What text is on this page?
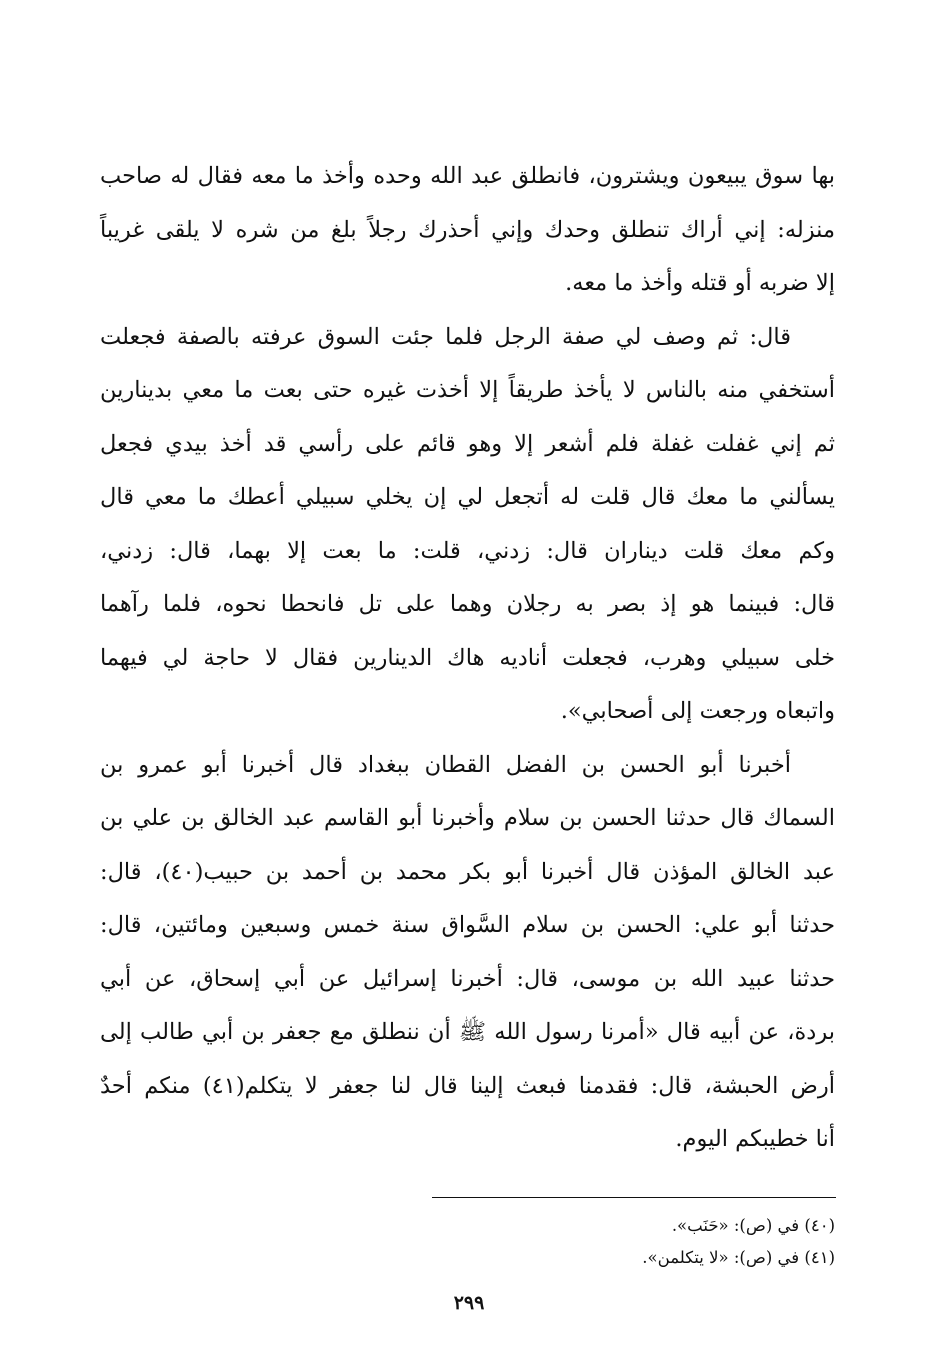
بها سوق يبيعون ويشترون، فانطلق عبد الله وحده وأخذ ما معه فقال له صاحب
منزله: إني أراك تنطلق وحدك وإني أحذرك رجلاً بلغ من شره لا يلقى غريباً
إلا ضربه أو قتله وأخذ ما معه.
قال: ثم وصف لي صفة الرجل فلما جئت السوق عرفته بالصفة فجعلت
أستخفي منه بالناس لا يأخذ طريقاً إلا أخذت غيره حتى بعت ما معي بدينارين
ثم إني غفلت غفلة فلم أشعر إلا وهو قائم على رأسي قد أخذ بيدي فجعل
يسألني ما معك قال قلت له أتجعل لي إن يخلي سبيلي أعطك ما معي قال
وكم معك قلت ديناران قال: زدني، قلت: ما بعت إلا بهما، قال: زدني،
قال: فبينما هو إذ بصر به رجلان وهما على تل فانحطا نحوه، فلما رآهما
خلى سبيلي وهرب، فجعلت أناديه هاك الدينارين فقال لا حاجة لي فيهما
واتبعاه ورجعت إلى أصحابي».
أخبرنا أبو الحسن بن الفضل القطان ببغداد قال أخبرنا أبو عمرو بن
السماك قال حدثنا الحسن بن سلام وأخبرنا أبو القاسم عبد الخالق بن علي بن
عبد الخالق المؤذن قال أخبرنا أبو بكر محمد بن أحمد بن حبيب(٤٠)، قال:
حدثنا أبو علي: الحسن بن سلام السَّواق سنة خمس وسبعين ومائتين، قال:
حدثنا عبيد الله بن موسى، قال: أخبرنا إسرائيل عن أبي إسحاق، عن أبي
بردة، عن أبيه قال «أمرنا رسول الله ﷺ أن ننطلق مع جعفر بن أبي طالب إلى
أرض الحبشة، قال: فقدمنا فبعث إلينا قال لنا جعفر لا يتكلم(٤١) منكم أحدٌ
أنا خطيبكم اليوم.
(٤٠) في (ص): «حَنَب».
(٤١) في (ص): «لا يتكلمن».
٢٩٩
